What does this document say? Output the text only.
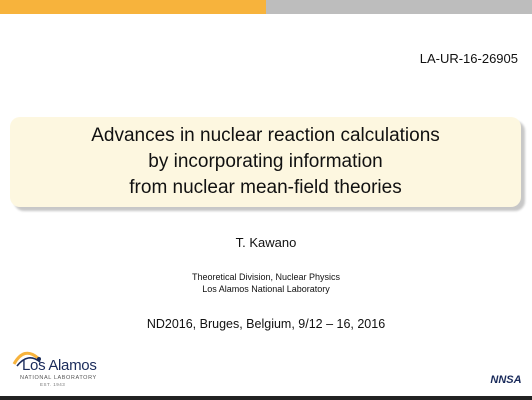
LA-UR-16-26905
Advances in nuclear reaction calculations
by incorporating information
from nuclear mean-field theories
T. Kawano
Theoretical Division, Nuclear Physics
Los Alamos National Laboratory
ND2016, Bruges, Belgium, 9/12 – 16, 2016
Los Alamos
NATIONAL LABORATORY
EST. 1943	NNSA
